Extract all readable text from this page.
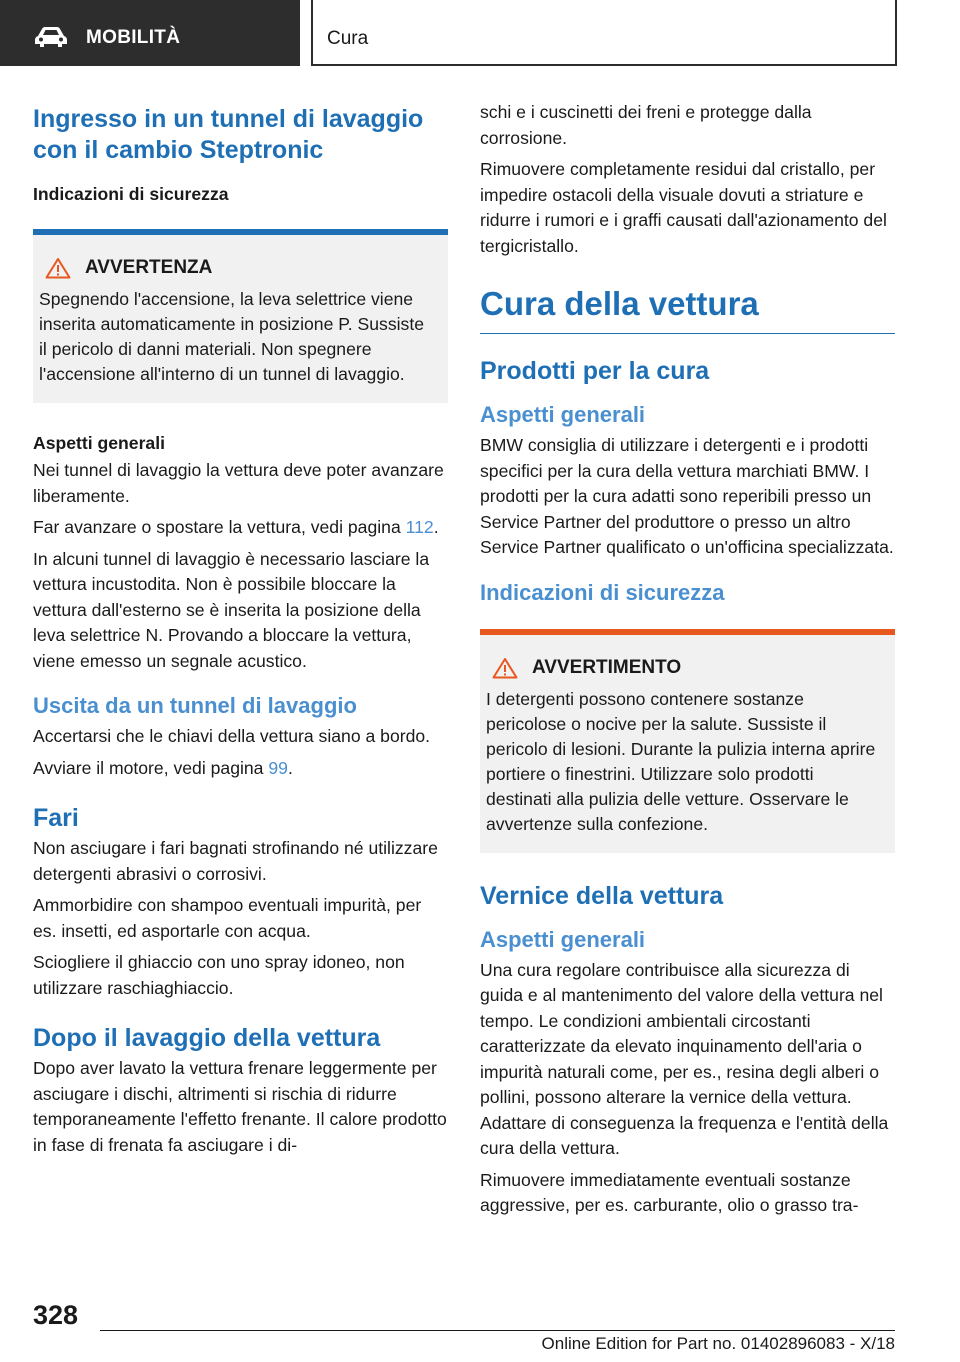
MOBILITÀ	Cura
Ingresso in un tunnel di lavaggio con il cambio Steptronic
Indicazioni di sicurezza
AVVERTENZA

Spegnendo l'accensione, la leva selettrice viene inserita automaticamente in posizione P. Sussiste il pericolo di danni materiali. Non spegnere l'accensione all'interno di un tunnel di lavaggio.

Aspetti generali

Nei tunnel di lavaggio la vettura deve poter avanzare liberamente.

Far avanzare o spostare la vettura, vedi pagina 112.

In alcuni tunnel di lavaggio è necessario lasciare la vettura incustodita. Non è possibile bloccare la vettura dall'esterno se è inserita la posizione della leva selettrice N. Provando a bloccare la vettura, viene emesso un segnale acustico.

Uscita da un tunnel di lavaggio

Accertarsi che le chiavi della vettura siano a bordo.

Avviare il motore, vedi pagina 99.

Fari

Non asciugare i fari bagnati strofinando né utilizzare detergenti abrasivi o corrosivi.

Ammorbidire con shampoo eventuali impurità, per es. insetti, ed asportarle con acqua.

Sciogliere il ghiaccio con uno spray idoneo, non utilizzare raschiaghiaccio.

Dopo il lavaggio della vettura

Dopo aver lavato la vettura frenare leggermente per asciugare i dischi, altrimenti si rischia di ridurre temporaneamente l'effetto frenante. Il calore prodotto in fase di frenata fa asciugare i di-

schi e i cuscinetti dei freni e protegge dalla corrosione.

Rimuovere completamente residui dal cristallo, per impedire ostacoli della visuale dovuti a striature e ridurre i rumori e i graffi causati dall'azionamento del tergicristallo.

Cura della vettura
Prodotti per la cura
Aspetti generali

BMW consiglia di utilizzare i detergenti e i prodotti specifici per la cura della vettura marchiati BMW. I prodotti per la cura adatti sono reperibili presso un Service Partner del produttore o presso un altro Service Partner qualificato o un'officina specializzata.

Indicazioni di sicurezza
AVVERTIMENTO

I detergenti possono contenere sostanze pericolose o nocive per la salute. Sussiste il pericolo di lesioni. Durante la pulizia interna aprire portiere o finestrini. Utilizzare solo prodotti destinati alla pulizia delle vetture. Osservare le avvertenze sulla confezione.

Vernice della vettura
Aspetti generali

Una cura regolare contribuisce alla sicurezza di guida e al mantenimento del valore della vettura nel tempo. Le condizioni ambientali circostanti caratterizzate da elevato inquinamento dell'aria o impurità naturali come, per es., resina degli alberi o pollini, possono alterare la vernice della vettura. Adattare di conseguenza la frequenza e l'entità della cura della vettura.

Rimuovere immediatamente eventuali sostanze aggressive, per es. carburante, olio o grasso tra-

328
Online Edition for Part no. 01402896083 - X/18
